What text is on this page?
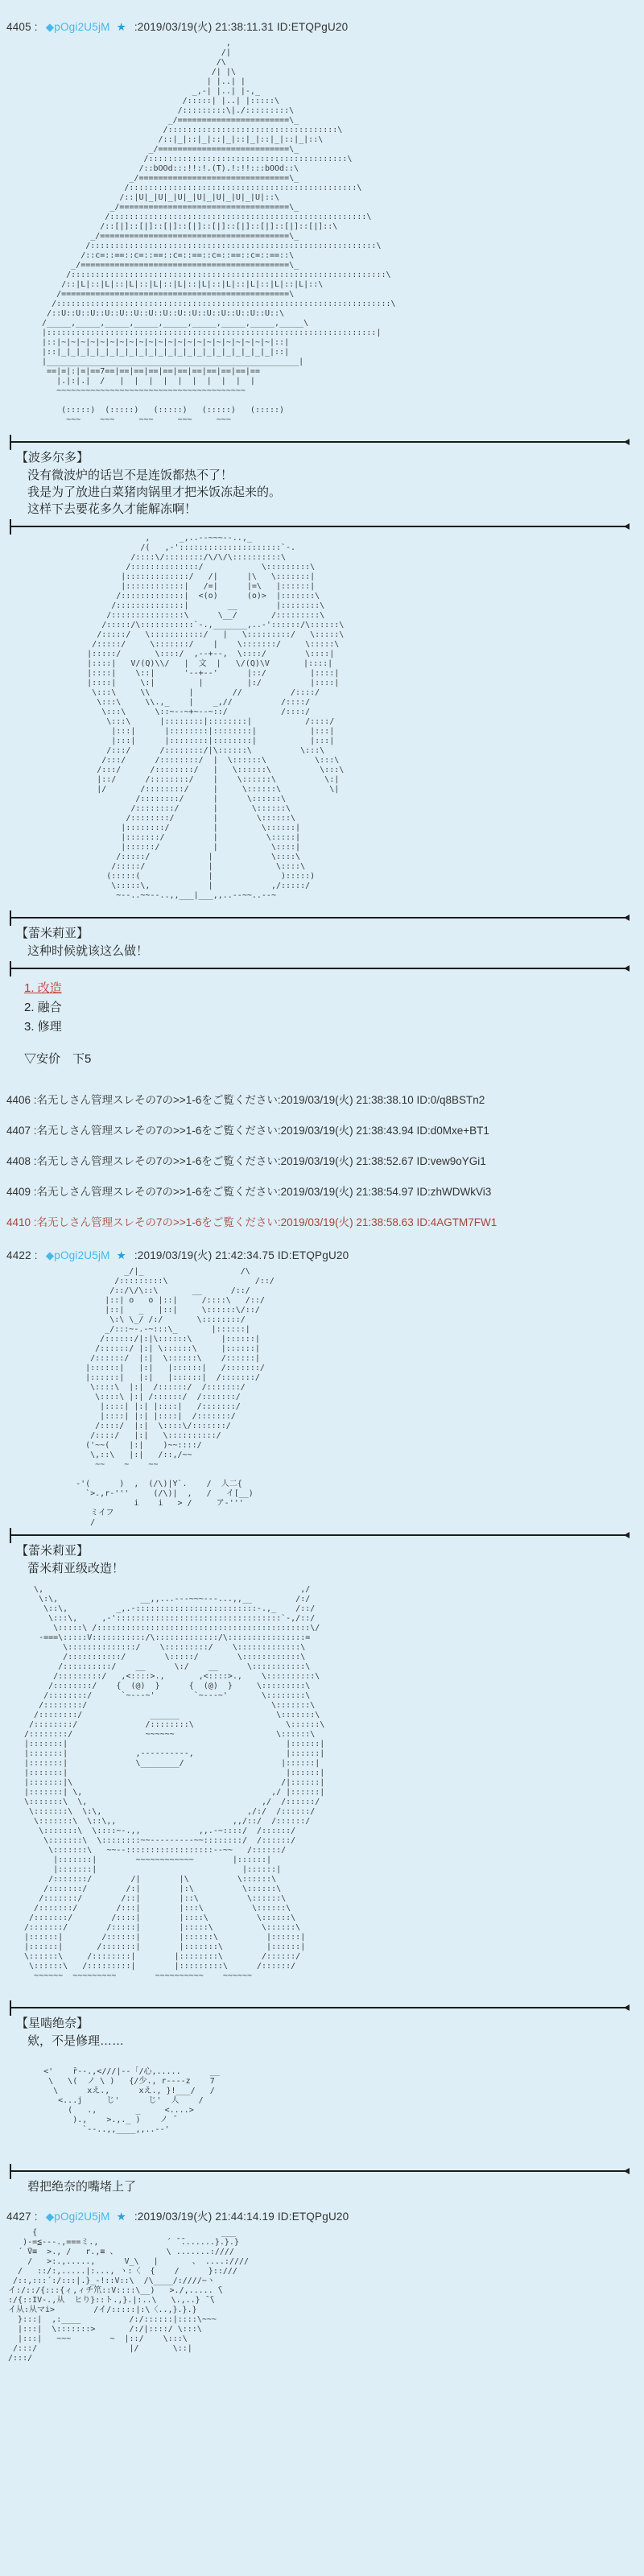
4405 : ◆pOgi2U5jM ★ :2019/03/19(火) 21:38:11.31 ID:ETQPgU20
,
/|
/\
/| |\
| |..| |
_,-| |..| |-,_
/:::::| |..| |:::::\
/:::::::::\|./:::::::::\
_/=======================\_
/:::::::::::::::::::::::::::::::::::\
/::|_|::|_|::|_|::|_|::|_|::|_|::\
_/===========================\_
/:::::::::::::::::::::::::::::::::::::::::\
/::bOOd:::!!:!.(T).!:!!:::bOOd::\
_/===============================\_
/:::::::::::::::::::::::::::::::::::::::::::::::\
/::|U|_|U|_|U|_|U|_|U|_|U|_|U|::\
_/===================================\_
/:::::::::::::::::::::::::::::::::::::::::::::::::::::\
/::[|]::[|]::[|]::[|]::[|]::[|]::[|]::[|]::[|]::\
_/=======================================\_
/:::::::::::::::::::::::::::::::::::::::::::::::::::::::::::\
/::c=::==::c=::==::c=::==::c=::==::c=::==::\
_/===========================================\_
/:::::::::::::::::::::::::::::::::::::::::::::::::::::::::::::::::\
/::|L|::|L|::|L|::|L|::|L|::|L|::|L|::|L|::|L|::|L|::\
/===============================================\
/:::::::::::::::::::::::::::::::::::::::::::::::::::::::::::::::::::::\
/::U::U::U::U::U::U::U::U::U::U::U::U::U::U::U::\
/_____,_____,_____,_____,_____,_____,_____,_____,_____\
|::::::::::::::::::::::::::::::::::::::::::::::::::::::::::::::::::::|
|::|~|~|~|~|~|~|~|~|~|~|~|~|~|~|~|~|~|~|~|~|~|~|::|
|::|_|_|_|_|_|_|_|_|_|_|_|_|_|_|_|_|_|_|_|_|_|_|::|
|____________________________________________________|
==|=|:|=|==7==|==|==|==|==|==|==|==|==|==|==
|.|:|.|  /   |  |  |  |  |  |  |  |  |  |
~~~~~~~~~~~~~~~~~~~~~~~~~~~~~~~~~~~~~~~

(:::::)  (:::::)   (:::::)   (:::::)   (:::::)
~~~    ~~~     ~~~     ~~~     ~~~

【波多尔多】
没有微波炉的话岂不是连饭都热不了！
我是为了放进白菜猪肉锅里才把米饭冻起来的。
这样下去要花多久才能解冻啊！
,      _,..--~~~--..,_
/(   ,-':::::::::::::::::::::`-.
/::::\/::::::::/\/\/\::::::::::\
/::::::::::::::/            \:::::::::\
|:::::::::::::/   /|      |\   \:::::::|
|::::::::::::|   /=|      |=\   |::::::|
/:::::::::::::|  <(o)      (o)>  |:::::::\
/::::::::::::::|        __        |::::::::\
/:::::::::::::::\      \__/       /:::::::::\
/:::::/\:::::::::::`-.,_______,..-'::::::/\::::::\
/:::::/   \:::::::::::/   |   \:::::::::/   \:::::\
/:::::/     \:::::::/    |    \:::::::/     \:::::\
|:::::/       \::::/  ,--+--,  \::::/        \::::|
|::::|   V/(Q)\\/   |  文  |   \/(Q)\V       |::::|
|::::|    \::|      '--+--'      |::/         |::::|
|::::|     \:|         |         |:/          |::::|
\:::\     \\        |        //          /::::/
\:::\     \\.,_    |    _,//          /::::/
\:::\      \::~--~+~--~::/           /::::/
\:::\      |::::::::|::::::::|           /::::/
|:::|      |::::::::|::::::::|           |:::|
|:::|      |::::::::|::::::::|           |:::|
/:::/      /::::::::/|\::::::\          \:::\
/:::/      /::::::::/  |  \::::::\          \:::\
/:::/      /::::::::/   |   \::::::\          \:::\
|::/      /::::::::/    |    \::::::\          \:|
|/       /::::::::/     |     \::::::\          \|
/::::::::/      |      \::::::\
/::::::::/       |       \::::::\
/::::::::/        |        \::::::\
|::::::::/         |         \::::::|
|:::::::/          |          \:::::|
|::::::/           |           \::::|
/:::::/            |            \::::\
/:::::/             |             \::::\
(:::::(              |              ):::::)
\:::::\,            |            ,/:::::/
~--..~~--..,,___|___,,..--~~..--~

【蕾米莉亚】
这种时候就该这么做！
1. 改造
2. 融合
3. 修理
▽安价　下5
4406 :名无しさん管理スレその7の>>1-6をご覧ください:2019/03/19(火) 21:38:38.10 ID:0/q8BSTn2
4407 :名无しさん管理スレその7の>>1-6をご覧ください:2019/03/19(火) 21:38:43.94 ID:d0Mxe+BT1
4408 :名无しさん管理スレその7の>>1-6をご覧ください:2019/03/19(火) 21:38:52.67 ID:vew9oYGi1
4409 :名无しさん管理スレその7の>>1-6をご覧ください:2019/03/19(火) 21:38:54.97 ID:zhWDWkVi3
4410 :名无しさん管理スレその7の>>1-6をご覧ください:2019/03/19(火) 21:38:58.63 ID:4AGTM7FW1
4422 : ◆pOgi2U5jM ★ :2019/03/19(火) 21:42:34.75 ID:ETQPgU20
_/|_                    /\
/:::::::::\                  /::/
/::/\/\::\       __      /::/
|::| o   o |::|     /::::\   /::/
|::|   _   |::|     \::::::\/::/
\:\ \_/ /:/       \::::::::/
_/:::~-.-~:::\_       |::::::|
/::::::/|:|\::::::\      |::::::|
/::::::/ |:| \::::::\     |::::::|
/::::::/  |:|  \::::::\    /::::::|
|::::::|   |:|   |::::::|   /:::::::/
|::::::|   |:|   |::::::|  /:::::::/
\::::\  |:|  /::::::/  /:::::::/
\::::\ |:| /::::::/  /:::::::/
|::::| |:| |::::|   /:::::::/
|::::| |:| |::::|  /:::::::/
/::::/  |:|  \::::\/:::::::/
/::::/   |:|   \::::::::::/
('~~(    |:|    )~~::::/
\,::\   |:|   /::,/~~
~~    ~    ~~

-'(      )  ,  (/\)|Y`.    /  人二{
`>.,r-'''     (/\)|  ,   /   イ[__)
i    i   > /     ア-'''
ミイフ
/

【蕾米莉亚】
蕾米莉亚级改造！
\,                                                     ,/
\:\,                 __,,...---~~~---...,,__         /:/
\::\,          _,.-:::::::::::::::::::::::::-.,_    /::/
\:::\,     ,-'::::::::::::::::::::::::::::::::::`-,/::/
\:::::\ /::::::::::::::::::::::::::::::::::::::::::::\/
-===\:::::V:::::::::::/\:::::::::::::/\::::::::::::::::=
\::::::::::::::/    \:::::::::/    \:::::::::::::\
/:::::::::::/        \:::::/        \::::::::::::\
/::::::::::/    __      \:/    __      \:::::::::::\
/:::::::::/   ,<::::>.,       ,<::::>.,    \::::::::::\
/::::::::/    {  (@)  }      {  (@)  }     \:::::::::\
/::::::::/      `~---~'        `~---~'       \::::::::\
/::::::::/                                      \:::::::\
/::::::::/              ______                    \:::::::\
/::::::::/              /::::::::\                   \::::::\
/::::::::/               ~~~~~~                     \::::::\
|:::::::|                                             |::::::|
|:::::::|              ,----------,                   |::::::|
|:::::::|              \________/                    |::::::|
|:::::::|                                             |::::::|
|:::::::|\                                           /|::::::|
|:::::::| \,                                       ,/ |::::::|
\:::::::\  \,                                    ,/  /::::::/
\:::::::\  \:\,                              ,/:/  /::::::/
\:::::::\  \::\,,                        ,,/::/  /::::::/
\:::::::\  \::::~-.,,            ,,.-~::::/  /::::::/
\:::::::\  \::::::::~~---------~~::::::::/  /::::::/
\:::::::\   ~~--::::::::::::::::::--~~   /::::::/
|:::::::|        ~~~~~~~~~~~~        |::::::|
|:::::::|                              |::::::|
/:::::::/        /|        |\          \::::::\
/:::::::/        /:|        |:\          \::::::\
/:::::::/        /::|        |::\          \::::::\
/:::::::/        /:::|        |:::\          \::::::\
/:::::::/        /::::|        |::::\          \::::::\
/:::::::/        /:::::|        |:::::\          \::::::\
|::::::|        /::::::|        |::::::\          |::::::|
|::::::|       /:::::::|        |:::::::\         |::::::|
\::::::\     /::::::::|        |::::::::\        /::::::/
\::::::\   /:::::::::|        |:::::::::\      /::::::/
~~~~~~  ~~~~~~~~~        ~~~~~~~~~~    ~~~~~~

【星啮绝奈】
欸，不是修理……

<'    ̄r--.,<///|--「/心,.....      __
\   \(  ノ \ )   {/少., r----z    7
\      xえ.,      xえ., }!___/   /
<...j     じ'      じ'  人    /
(   .,        _     <....>
).,    >.,._ )    ノ ̄
`--..,,____,,..--'

碧把绝奈的嘴堵上了
4427 : ◆pOgi2U5jM ★ :2019/03/19(火) 21:44:14.19 ID:ETQPgU20
{                                      ___
)-=≦---.,===ミ.,              ´ ̄ ̄.......}.}.}
´ ̄V≡  >., /   r.,≡ 、          \ .......:////
/   >:.,.....,      V_\   |       、 ....:////
/   ::/:,.....|:..., ヽ:〈  {    /      }::///
/::,:::´:/:::|.}_-!::V::\  /\____/:////~ヽ
イ:/::/{:::{ィ,ィチ笊::V::::\__)   >./,..... ̄\
:/{::IV-.,从  ヒり}::ト.,}.|:..\   \.,..} ̄ ̄\
イ从:从マi>        /イ/:::::|:\〈..,}.}.}
}:::|  ,:____          /:/::::::|::::\~~~
|:::|  \:::::::>       /:/|::::/ \:::\
|:::|   ~~~        ~  |::/    \:::\
/:::/                   |/       \::|
/:::/
